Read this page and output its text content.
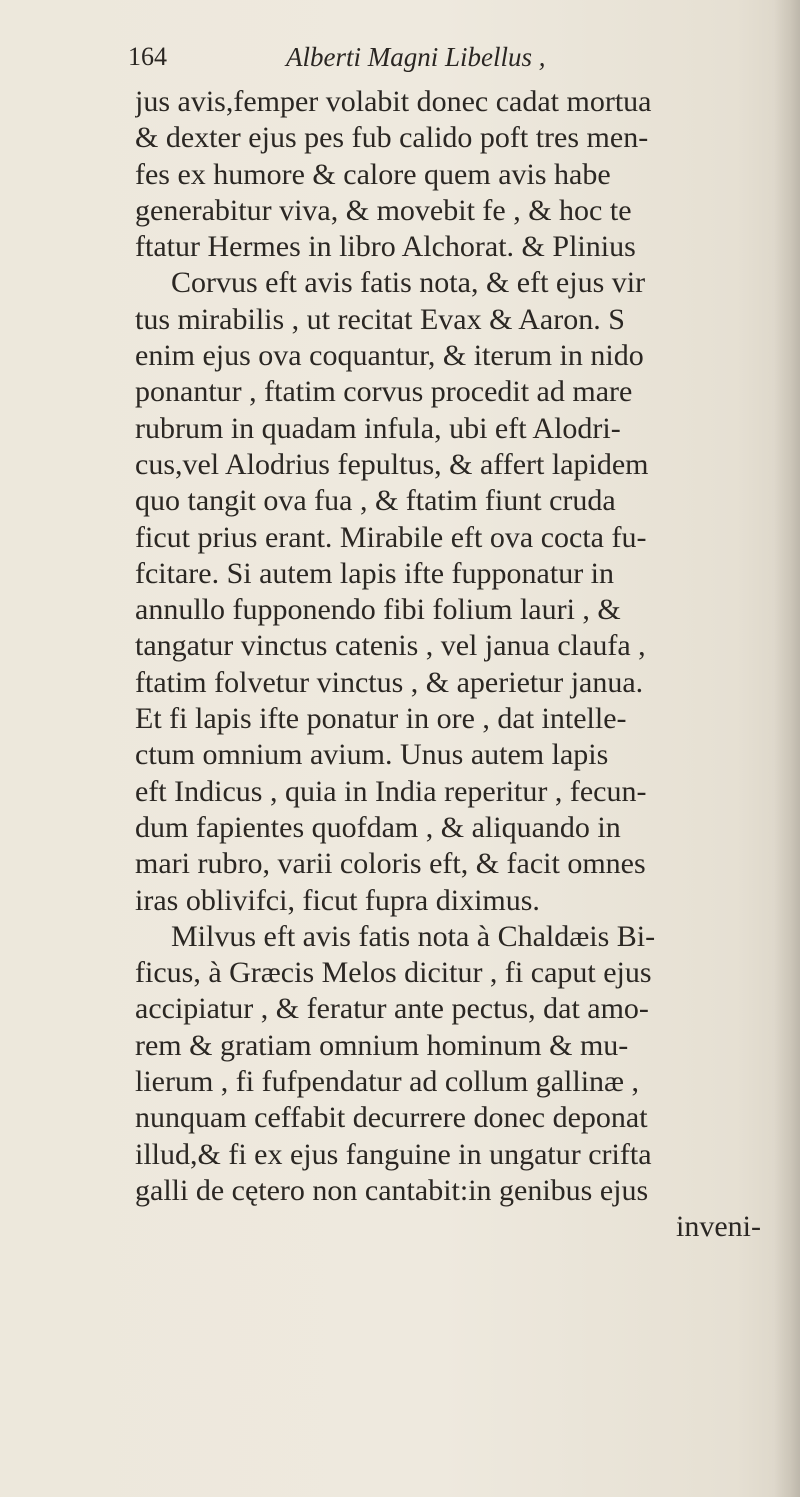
164	Alberti Magni Libellus ,
jus avis,femper volabit donec cadat mortua
& dexter ejus pes fub calido poft tres men-
fes ex humore & calore quem avis habe
generabitur viva, & movebit fe , & hoc te
ftatur Hermes in libro Alchorat. & Plinius
Corvus eft avis fatis nota, & eft ejus vir
tus mirabilis , ut recitat Evax & Aaron. S
enim ejus ova coquantur, & iterum in nido
ponantur , ftatim corvus procedit ad mare
rubrum in quadam infula, ubi eft Alodri-
cus,vel Alodrius fepultus, & affert lapidem
quo tangit ova fua , & ftatim fiunt cruda
ficut prius erant. Mirabile eft ova cocta fu-
fcitare. Si autem lapis ifte fupponatur in
annullo fupponendo fibi folium lauri , &
tangatur vinctus catenis , vel janua claufa ,
ftatim folvetur vinctus , & aperietur janua.
Et fi lapis ifte ponatur in ore , dat intelle-
ctum omnium avium. Unus autem lapis
eft Indicus , quia in India reperitur , fecun-
dum fapientes quofdam , & aliquando in
mari rubro, varii coloris eft, & facit omnes
iras oblivifci, ficut fupra diximus.
Milvus eft avis fatis nota à Chaldæis Bi-
ficus, à Græcis Melos dicitur , fi caput ejus
accipiatur , & feratur ante pectus, dat amo-
rem & gratiam omnium hominum & mu-
lierum , fi fufpendatur ad collum gallinæ ,
nunquam ceffabit decurrere donec deponat
illud,& fi ex ejus fanguine in ungatur crifta
galli de cętero non cantabit:in genibus ejus
inveni-
